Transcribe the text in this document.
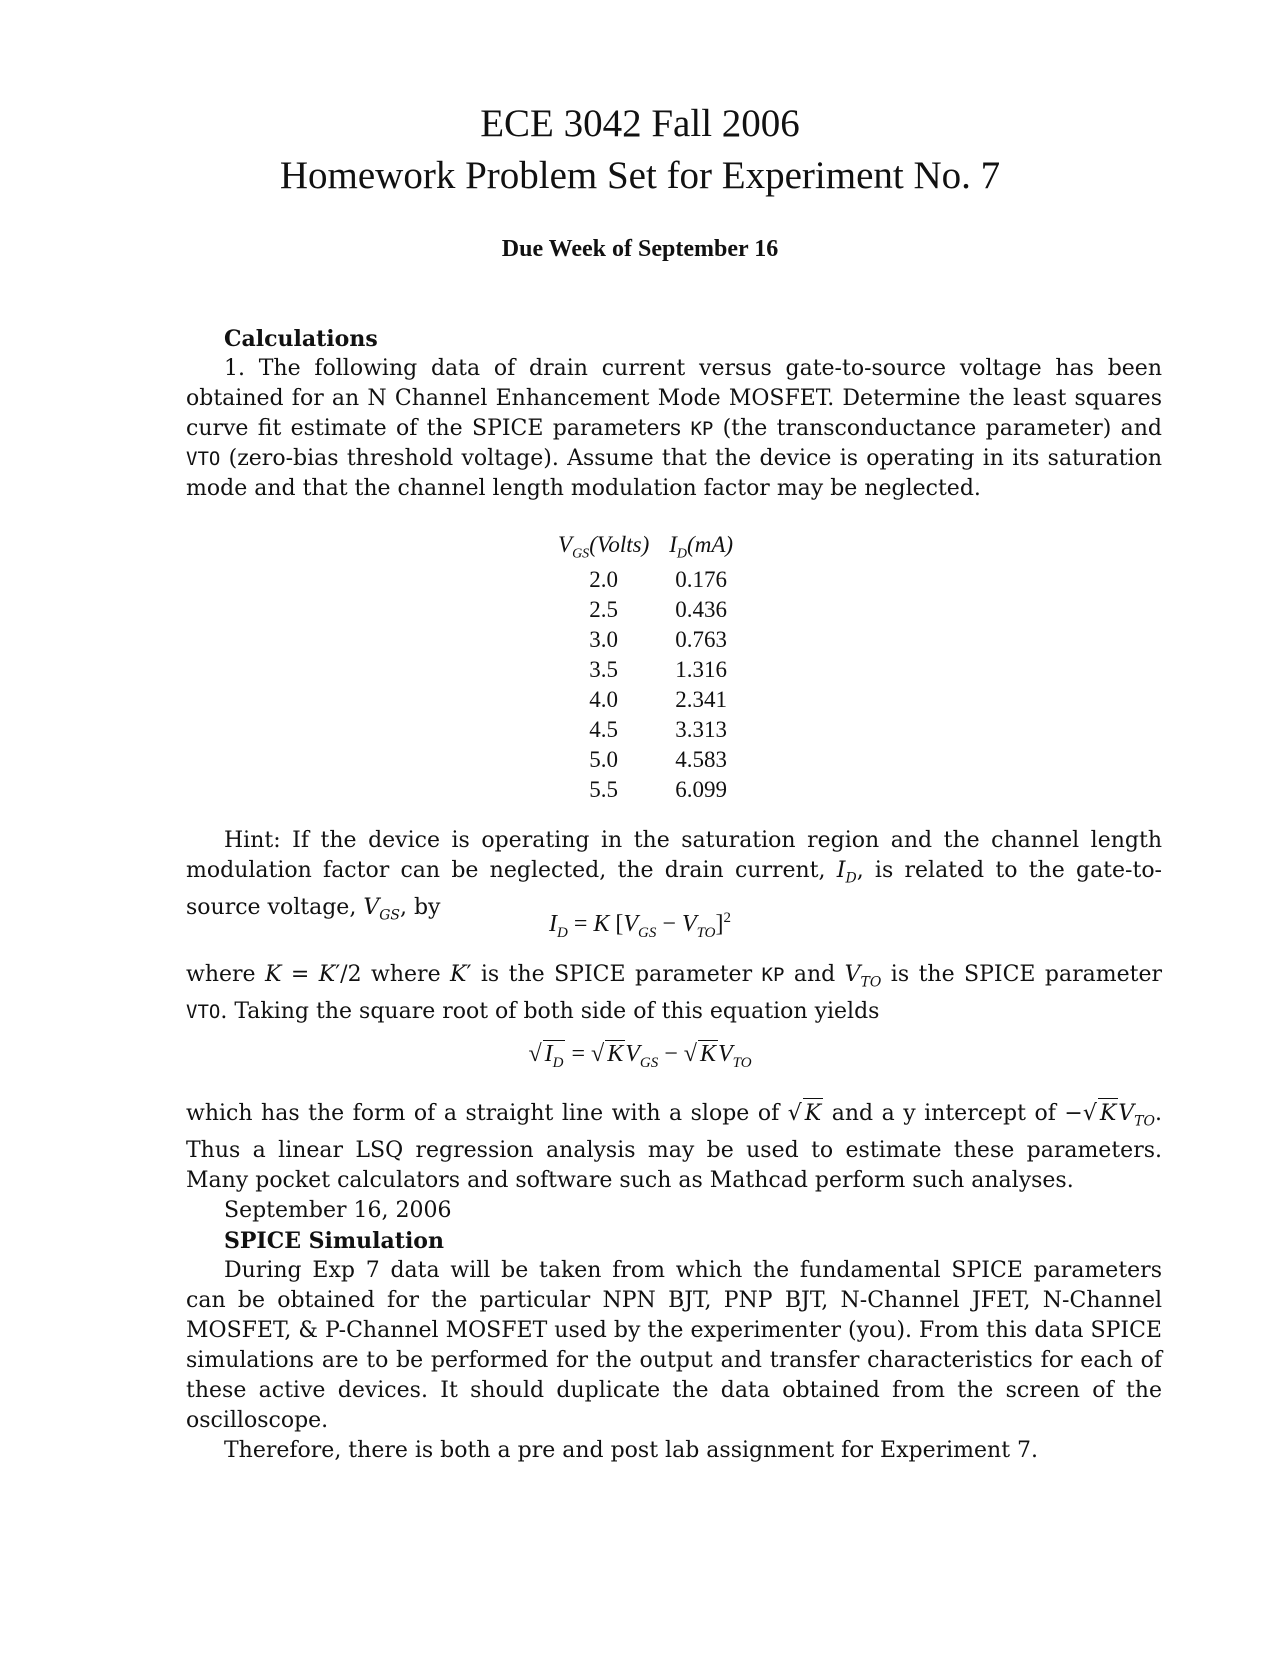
ECE 3042 Fall 2006
Homework Problem Set for Experiment No. 7
Due Week of September 16
Calculations

1. The following data of drain current versus gate-to-source voltage has been obtained for an N Channel Enhancement Mode MOSFET. Determine the least squares curve fit estimate of the SPICE parameters KP (the transconductance parameter) and VTO (zero-bias threshold voltage). Assume that the device is operating in its saturation mode and that the channel length modulation factor may be neglected.

$V_{GS}(Volts)$	$I_D(mA)$
2.0	0.176
2.5	0.436
3.0	0.763
3.5	1.316
4.0	2.341
4.5	3.313
5.0	4.583
5.5	6.099

Hint: If the device is operating in the saturation region and the channel length modulation factor can be neglected, the drain current, $I_D$, is related to the gate-to-source voltage, $V_{GS}$, by

$I_D = K$ $[V_{GS} - V_{TO}]^2$

where K = K′/2 where K′ is the SPICE parameter KP and $V_{TO}$ is the SPICE parameter VTO. Taking the square root of both side of this equation yields

√ $I_D$ = √ $KV_{GS}$ − √ $KV_{TO}$

which has the form of a straight line with a slope of √ K and a y intercept of −√ $KV_{TO}$. Thus a linear LSQ regression analysis may be used to estimate these parameters. Many pocket calculators and software such as Mathcad perform such analyses.

September 16, 2006

SPICE Simulation

During Exp 7 data will be taken from which the fundamental SPICE parameters can be obtained for the particular NPN BJT, PNP BJT, N-Channel JFET, N-Channel MOSFET, & P-Channel MOSFET used by the experimenter (you). From this data SPICE simulations are to be performed for the output and transfer characteristics for each of these active devices. It should duplicate the data obtained from the screen of the oscilloscope.

Therefore, there is both a pre and post lab assignment for Experiment 7.
